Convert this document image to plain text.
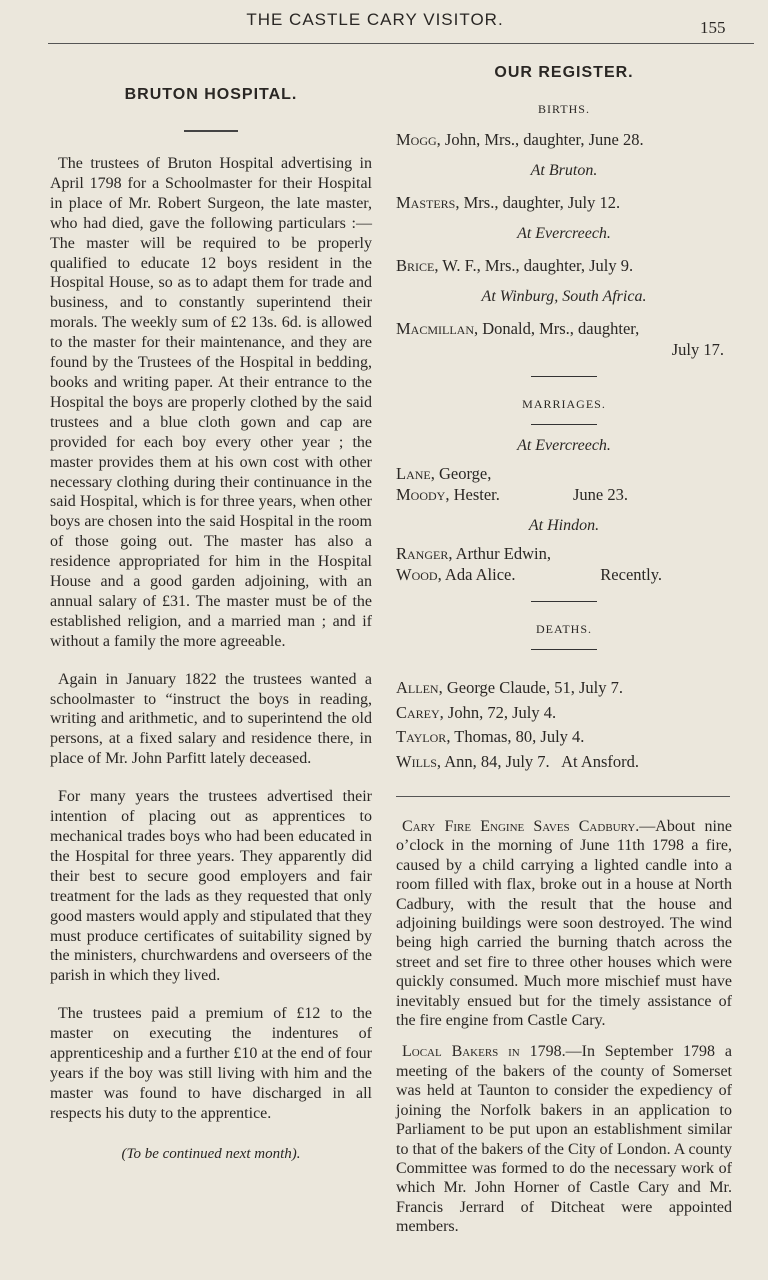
THE CASTLE CARY VISITOR.	155
BRUTON HOSPITAL.

The trustees of Bruton Hospital advertising in April 1798 for a Schoolmaster for their Hospital in place of Mr. Robert Surgeon, the late master, who had died, gave the following particulars :—The master will be required to be properly qualified to educate 12 boys resident in the Hospital House, so as to adapt them for trade and business, and to constantly superintend their morals. The weekly sum of £2 13s. 6d. is allowed to the master for their maintenance, and they are found by the Trustees of the Hospital in bedding, books and writing paper. At their entrance to the Hospital the boys are properly clothed by the said trustees and a blue cloth gown and cap are provided for each boy every other year ; the master provides them at his own cost with other necessary clothing during their continuance in the said Hospital, which is for three years, when other boys are chosen into the said Hospital in the room of those going out. The master has also a residence appropriated for him in the Hospital House and a good garden adjoining, with an annual salary of £31. The master must be of the established religion, and a married man ; and if without a family the more agreeable.

Again in January 1822 the trustees wanted a schoolmaster to “instruct the boys in reading, writing and arithmetic, and to superintend the old persons, at a fixed salary and residence there, in place of Mr. John Parfitt lately deceased.

For many years the trustees advertised their intention of placing out as apprentices to mechanical trades boys who had been educated in the Hospital for three years. They apparently did their best to secure good employers and fair treatment for the lads as they requested that only good masters would apply and stipulated that they must produce certificates of suitability signed by the ministers, churchwardens and overseers of the parish in which they lived.

The trustees paid a premium of £12 to the master on executing the indentures of apprenticeship and a further £10 at the end of four years if the boy was still living with him and the master was found to have discharged in all respects his duty to the apprentice.

(To be continued next month).
OUR REGISTER.
BIRTHS.
Mogg, John, Mrs., daughter, June 28.
At Bruton.
Masters, Mrs., daughter, July 12.
At Evercreech.
Brice, W. F., Mrs., daughter, July 9.
At Winburg, South Africa.
Macmillan, Donald, Mrs., daughter,
July 17.
MARRIAGES.
At Evercreech.
Lane, George,
Moody, Hester.	June 23.
At Hindon.
Ranger, Arthur Edwin,
Wood, Ada Alice.	Recently.
DEATHS.
Allen, George Claude, 51, July 7.
Carey, John, 72, July 4.
Taylor, Thomas, 80, July 4.
Wills, Ann, 84, July 7.   At Ansford.

Cary Fire Engine Saves Cadbury.—About nine o’clock in the morning of June 11th 1798 a fire, caused by a child carrying a lighted candle into a room filled with flax, broke out in a house at North Cadbury, with the result that the house and adjoining buildings were soon destroyed. The wind being high carried the burning thatch across the street and set fire to three other houses which were quickly consumed. Much more mischief must have inevitably ensued but for the timely assistance of the fire engine from Castle Cary.

Local Bakers in 1798.—In September 1798 a meeting of the bakers of the county of Somerset was held at Taunton to consider the expediency of joining the Norfolk bakers in an application to Parliament to be put upon an establishment similar to that of the bakers of the City of London. A county Committee was formed to do the necessary work of which Mr. John Horner of Castle Cary and Mr. Francis Jerrard of Ditcheat were appointed members.
